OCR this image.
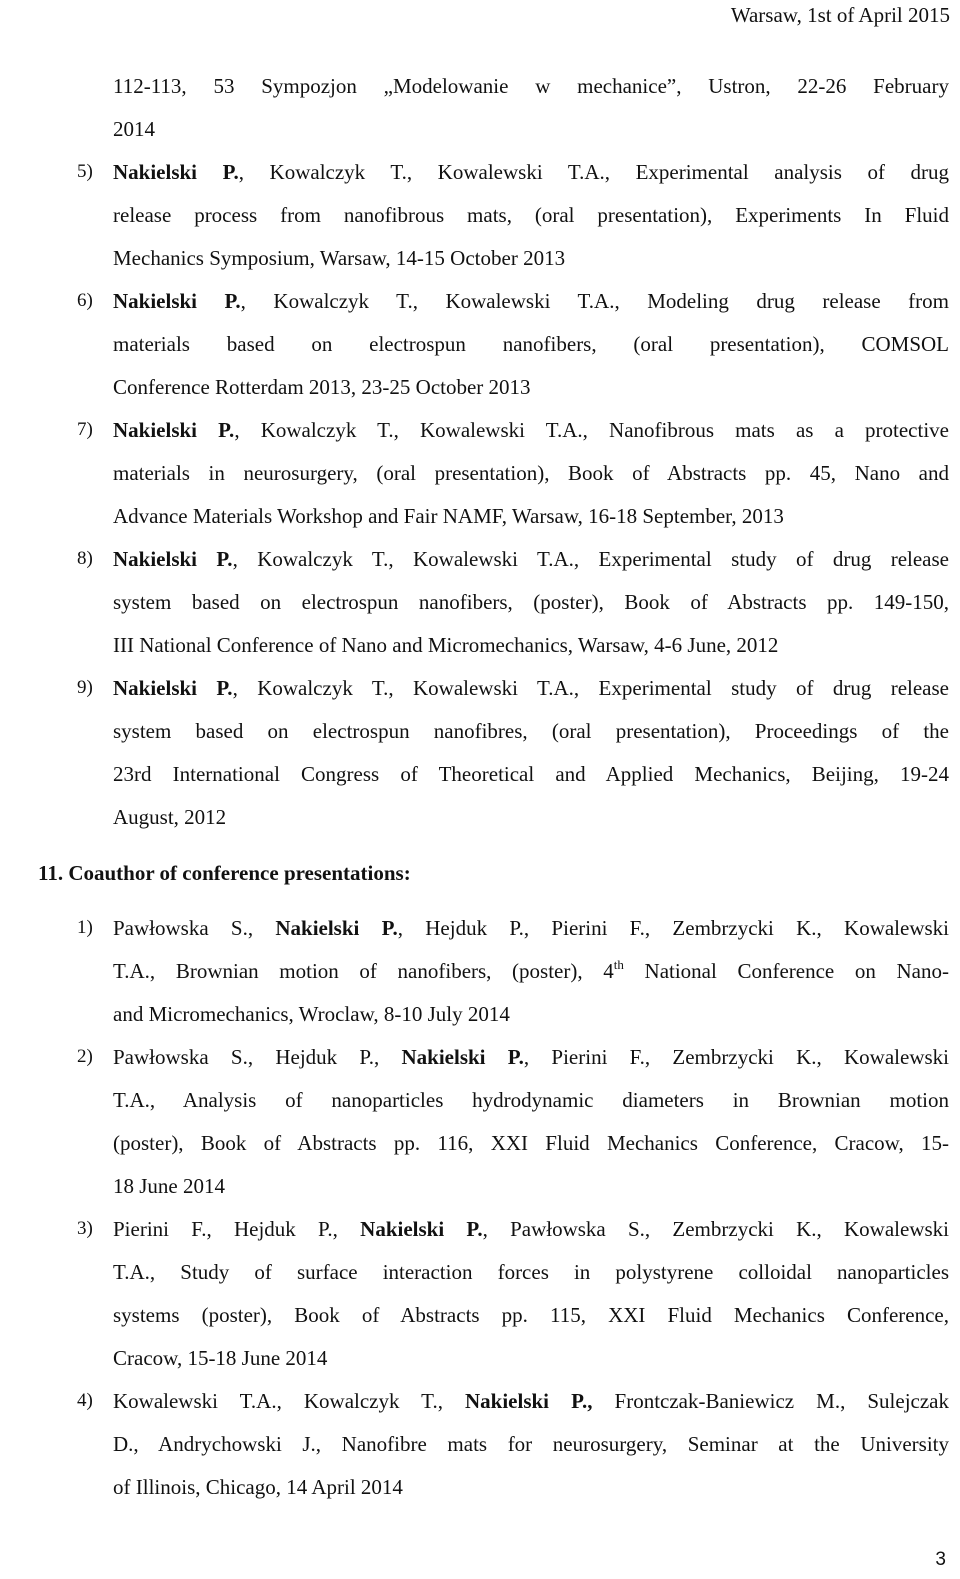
Warsaw, 1st of April 2015
112-113, 53 Sympozjon „Modelowanie w mechanice”, Ustron, 22-26 February
2014
5) Nakielski P., Kowalczyk T., Kowalewski T.A., Experimental analysis of drug
release process from nanofibrous mats, (oral presentation), Experiments In Fluid
Mechanics Symposium, Warsaw, 14-15 October 2013
6) Nakielski P., Kowalczyk T., Kowalewski T.A., Modeling drug release from
materials based on electrospun nanofibers, (oral presentation), COMSOL
Conference Rotterdam 2013, 23-25 October 2013
7) Nakielski P., Kowalczyk T., Kowalewski T.A., Nanofibrous mats as a protective
materials in neurosurgery, (oral presentation), Book of Abstracts pp. 45, Nano and
Advance Materials Workshop and Fair NAMF, Warsaw, 16-18 September, 2013
8) Nakielski P., Kowalczyk T., Kowalewski T.A., Experimental study of drug release
system based on electrospun nanofibers, (poster), Book of Abstracts pp. 149-150,
III National Conference of Nano and Micromechanics, Warsaw, 4-6 June, 2012
9) Nakielski P., Kowalczyk T., Kowalewski T.A., Experimental study of drug release
system based on electrospun nanofibres, (oral presentation), Proceedings of the
23rd International Congress of Theoretical and Applied Mechanics, Beijing, 19-24
August, 2012
11. Coauthor of conference presentations:
1) Pawłowska S., Nakielski P., Hejduk P., Pierini F., Zembrzycki K., Kowalewski
T.A., Brownian motion of nanofibers, (poster), 4th National Conference on Nano-
and Micromechanics, Wroclaw, 8-10 July 2014
2) Pawłowska S., Hejduk P., Nakielski P., Pierini F., Zembrzycki K., Kowalewski
T.A., Analysis of nanoparticles hydrodynamic diameters in Brownian motion
(poster), Book of Abstracts pp. 116, XXI Fluid Mechanics Conference, Cracow, 15-
18 June 2014
3) Pierini F., Hejduk P., Nakielski P., Pawłowska S., Zembrzycki K., Kowalewski
T.A., Study of surface interaction forces in polystyrene colloidal nanoparticles
systems (poster), Book of Abstracts pp. 115, XXI Fluid Mechanics Conference,
Cracow, 15-18 June 2014
4) Kowalewski T.A., Kowalczyk T., Nakielski P., Frontczak-Baniewicz M., Sulejczak
D., Andrychowski J., Nanofibre mats for neurosurgery, Seminar at the University
of Illinois, Chicago, 14 April 2014
3
